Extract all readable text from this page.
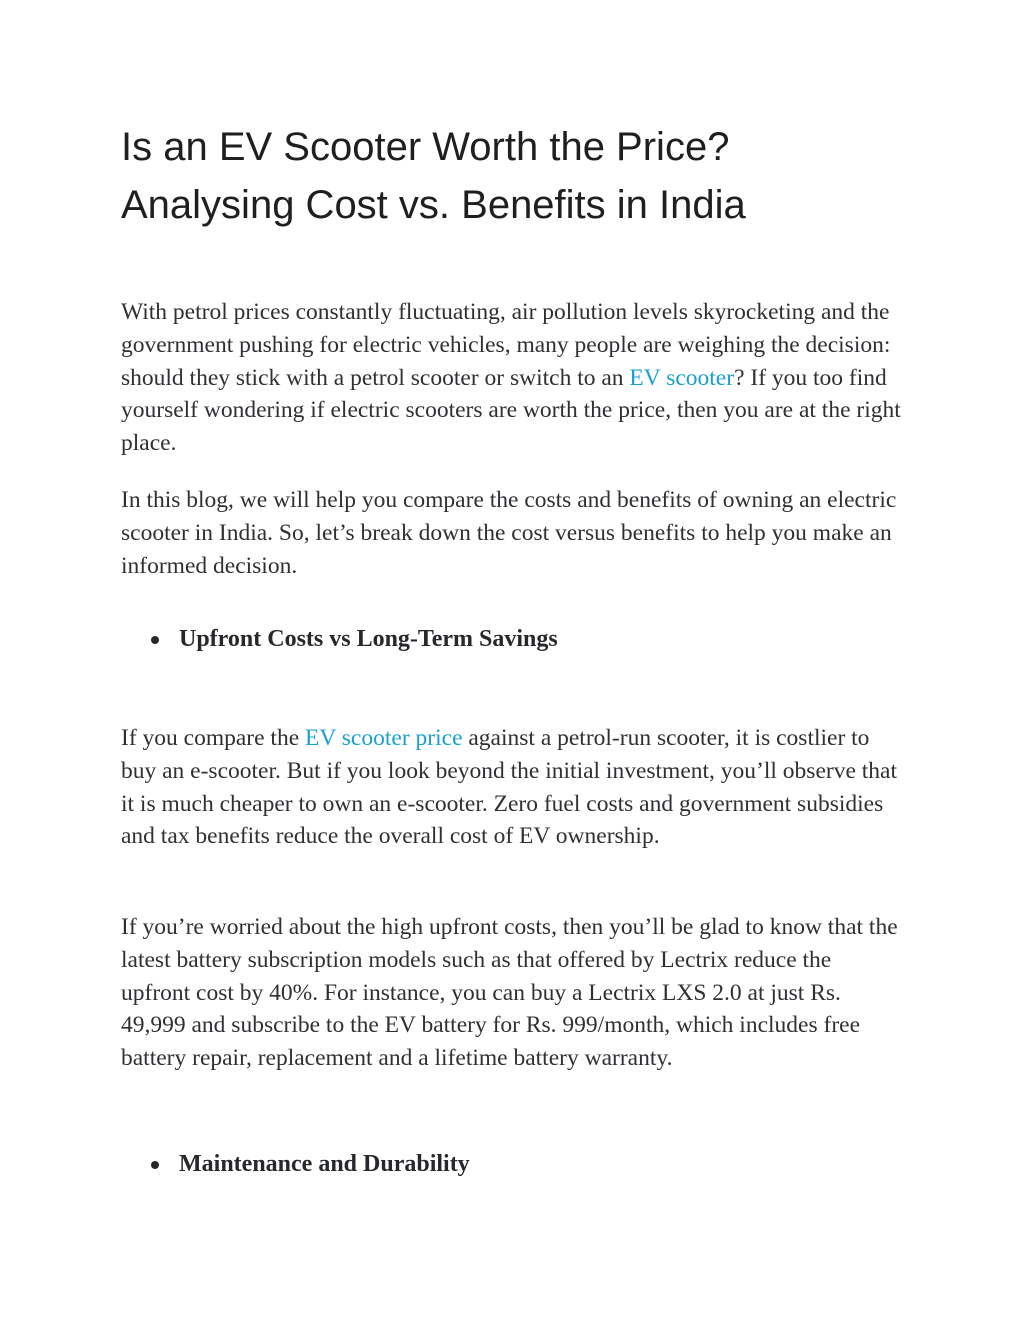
Is an EV Scooter Worth the Price?
Analysing Cost vs. Benefits in India

With petrol prices constantly fluctuating, air pollution levels skyrocketing and the government pushing for electric vehicles, many people are weighing the decision: should they stick with a petrol scooter or switch to an EV scooter? If you too find yourself wondering if electric scooters are worth the price, then you are at the right place.

In this blog, we will help you compare the costs and benefits of owning an electric scooter in India. So, let’s break down the cost versus benefits to help you make an informed decision.

Upfront Costs vs Long-Term Savings

If you compare the EV scooter price against a petrol-run scooter, it is costlier to buy an e-scooter. But if you look beyond the initial investment, you’ll observe that it is much cheaper to own an e-scooter. Zero fuel costs and government subsidies and tax benefits reduce the overall cost of EV ownership.

If you’re worried about the high upfront costs, then you’ll be glad to know that the latest battery subscription models such as that offered by Lectrix reduce the upfront cost by 40%. For instance, you can buy a Lectrix LXS 2.0 at just Rs. 49,999 and subscribe to the EV battery for Rs. 999/month, which includes free battery repair, replacement and a lifetime battery warranty.

Maintenance and Durability
